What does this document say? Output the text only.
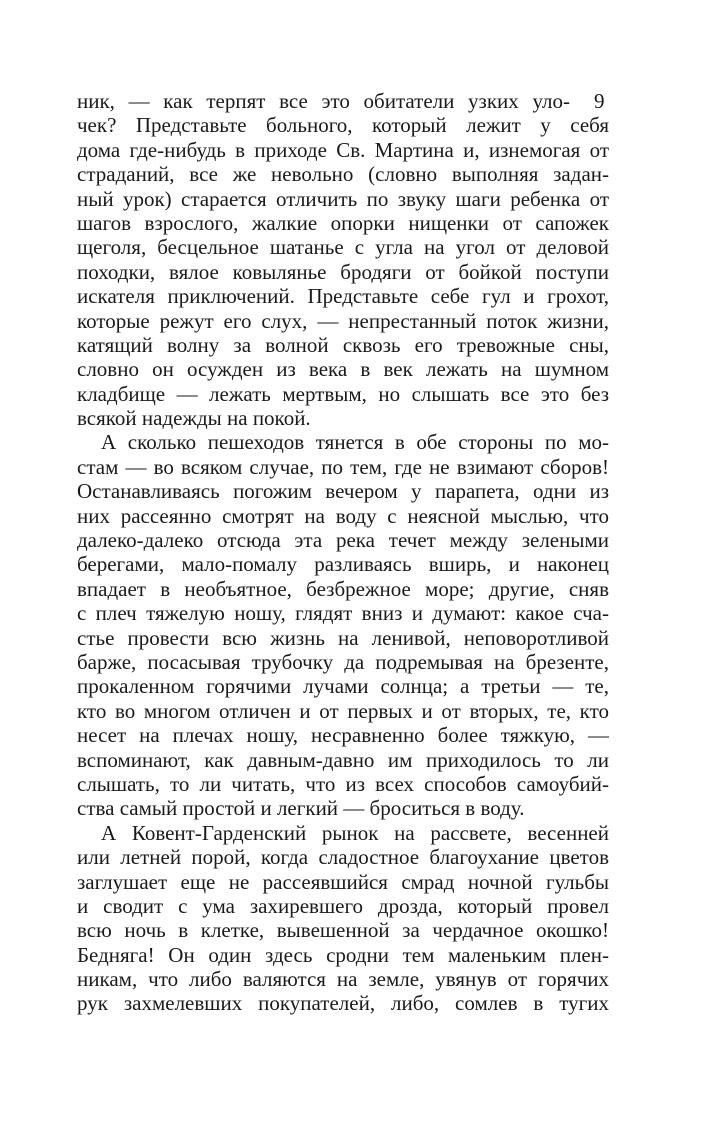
9
ник, — как терпят все это обитатели узких уло-
чек? Представьте больного, который лежит у себя
дома где-нибудь в приходе Св. Мартина и, изнемогая от
страданий, все же невольно (словно выполняя задан-
ный урок) старается отличить по звуку шаги ребенка от
шагов взрослого, жалкие опорки нищенки от сапожек
щеголя, бесцельное шатанье с угла на угол от деловой
походки, вялое ковылянье бродяги от бойкой поступи
искателя приключений. Представьте себе гул и грохот,
которые режут его слух, — непрестанный поток жизни,
катящий волну за волной сквозь его тревожные сны,
словно он осужден из века в век лежать на шумном
кладбище — лежать мертвым, но слышать все это без
всякой надежды на покой.
А сколько пешеходов тянется в обе стороны по мо-
стам — во всяком случае, по тем, где не взимают сборов!
Останавливаясь погожим вечером у парапета, одни из
них рассеянно смотрят на воду с неясной мыслью, что
далеко-далеко отсюда эта река течет между зелеными
берегами, мало-помалу разливаясь вширь, и наконец
впадает в необъятное, безбрежное море; другие, сняв
с плеч тяжелую ношу, глядят вниз и думают: какое сча-
стье провести всю жизнь на ленивой, неповоротливой
барже, посасывая трубочку да подремывая на брезенте,
прокаленном горячими лучами солнца; а третьи — те,
кто во многом отличен и от первых и от вторых, те, кто
несет на плечах ношу, несравненно более тяжкую, —
вспоминают, как давным-давно им приходилось то ли
слышать, то ли читать, что из всех способов самоубий-
ства самый простой и легкий — броситься в воду.
А Ковент-Гарденский рынок на рассвете, весенней
или летней порой, когда сладостное благоухание цветов
заглушает еще не рассеявшийся смрад ночной гульбы
и сводит с ума захиревшего дрозда, который провел
всю ночь в клетке, вывешенной за чердачное окошко!
Бедняга! Он один здесь сродни тем маленьким плен-
никам, что либо валяются на земле, увянув от горячих
рук захмелевших покупателей, либо, сомлев в тугих
